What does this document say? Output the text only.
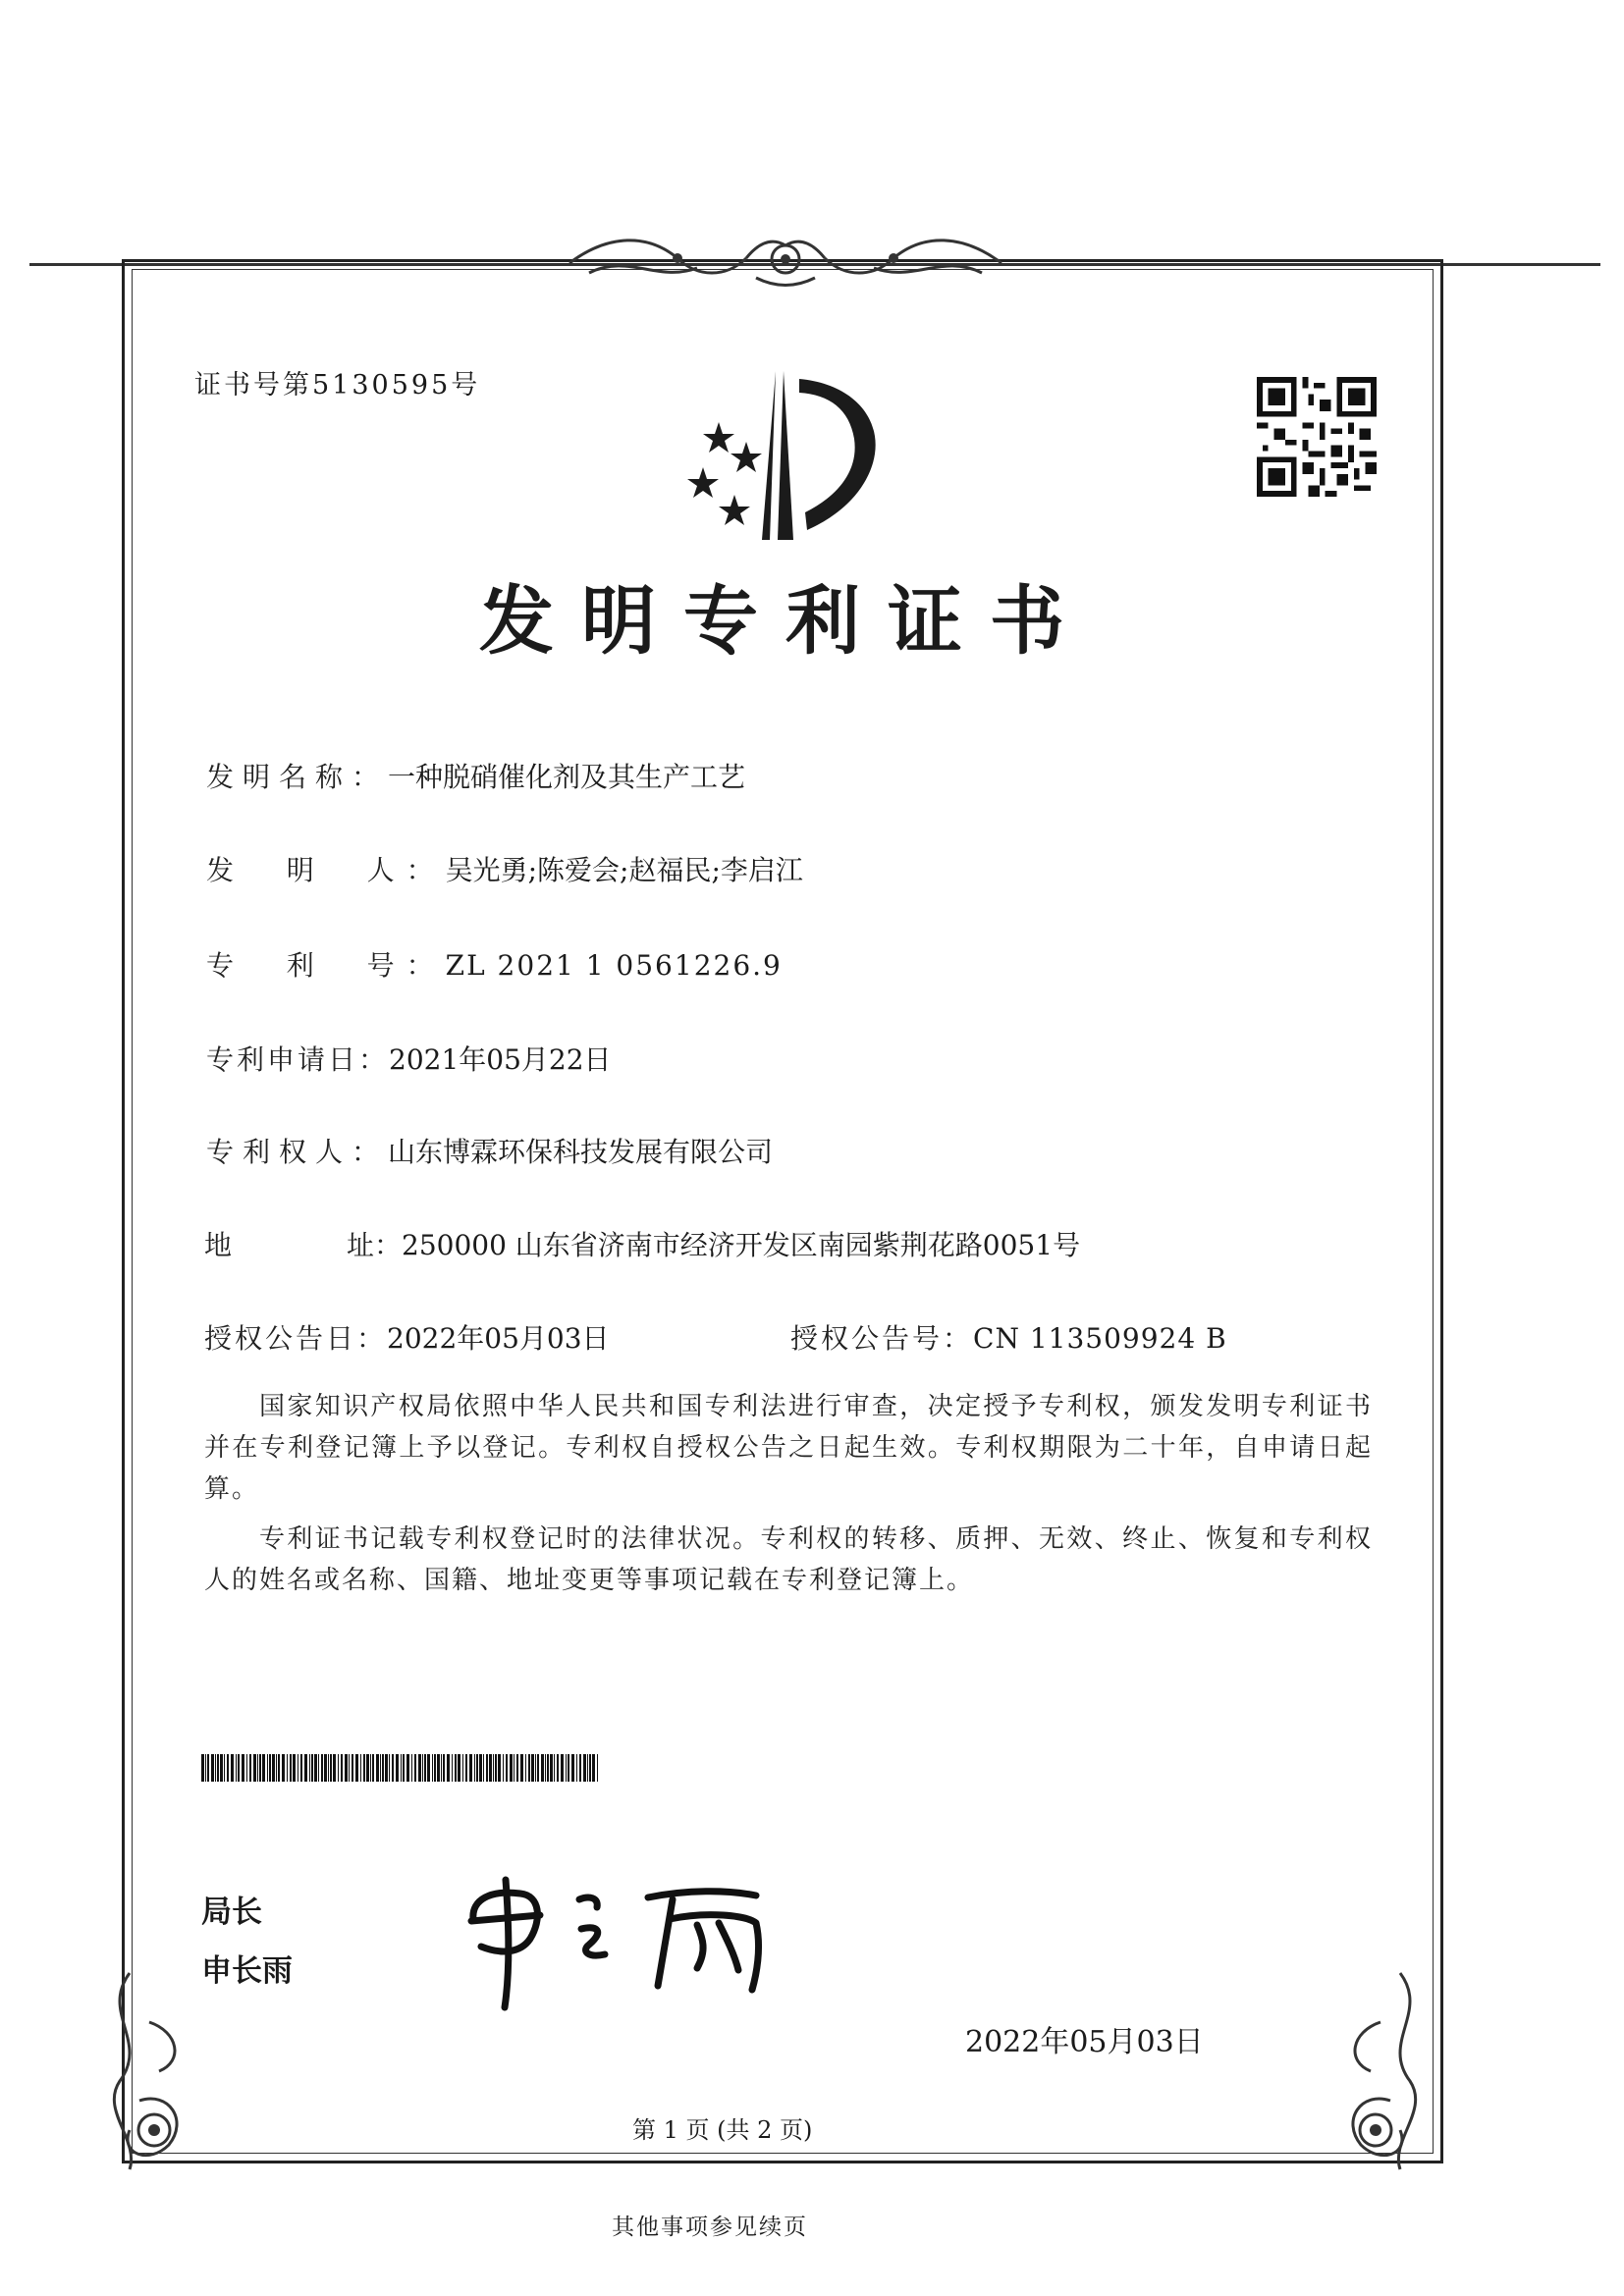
证书号第5130595号
发明专利证书
发明名称：一种脱硝催化剂及其生产工艺
发  明  人：吴光勇;陈爱会;赵福民;李启江
专  利  号：ZL 2021 1 0561226.9
专利申请日：2021年05月22日
专利权人：山东博霖环保科技发展有限公司
地	址：250000 山东省济南市经济开发区南园紫荆花路0051号
授权公告日：2022年05月03日	授权公告号：CN 113509924 B
国家知识产权局依照中华人民共和国专利法进行审查，决定授予专利权，颁发发明专利证书并在专利登记簿上予以登记。专利权自授权公告之日起生效。专利权期限为二十年，自申请日起算。
专利证书记载专利权登记时的法律状况。专利权的转移、质押、无效、终止、恢复和专利权人的姓名或名称、国籍、地址变更等事项记载在专利登记簿上。
局长
申长雨
2022年05月03日
第 1 页 (共 2 页)
其他事项参见续页
